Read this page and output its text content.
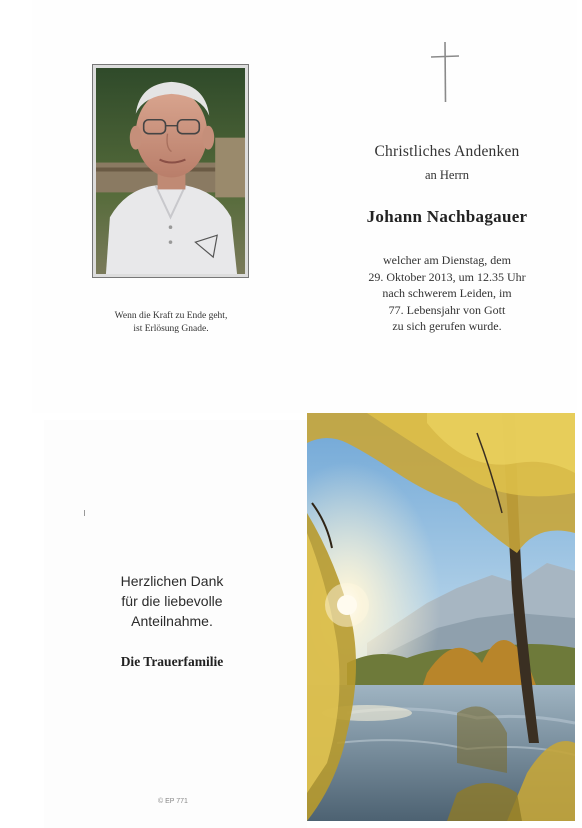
Wenn die Kraft zu Ende geht,
ist Erlösung Gnade.
Christliches Andenken
an Herrn
Johann Nachbagauer
welcher am Dienstag, dem
29. Oktober 2013, um 12.35 Uhr
nach schwerem Leiden, im
77. Lebensjahr von Gott
zu sich gerufen wurde.
Herzlichen Dank
für die liebevolle
Anteilnahme.
Die Trauerfamilie
© EP 771
